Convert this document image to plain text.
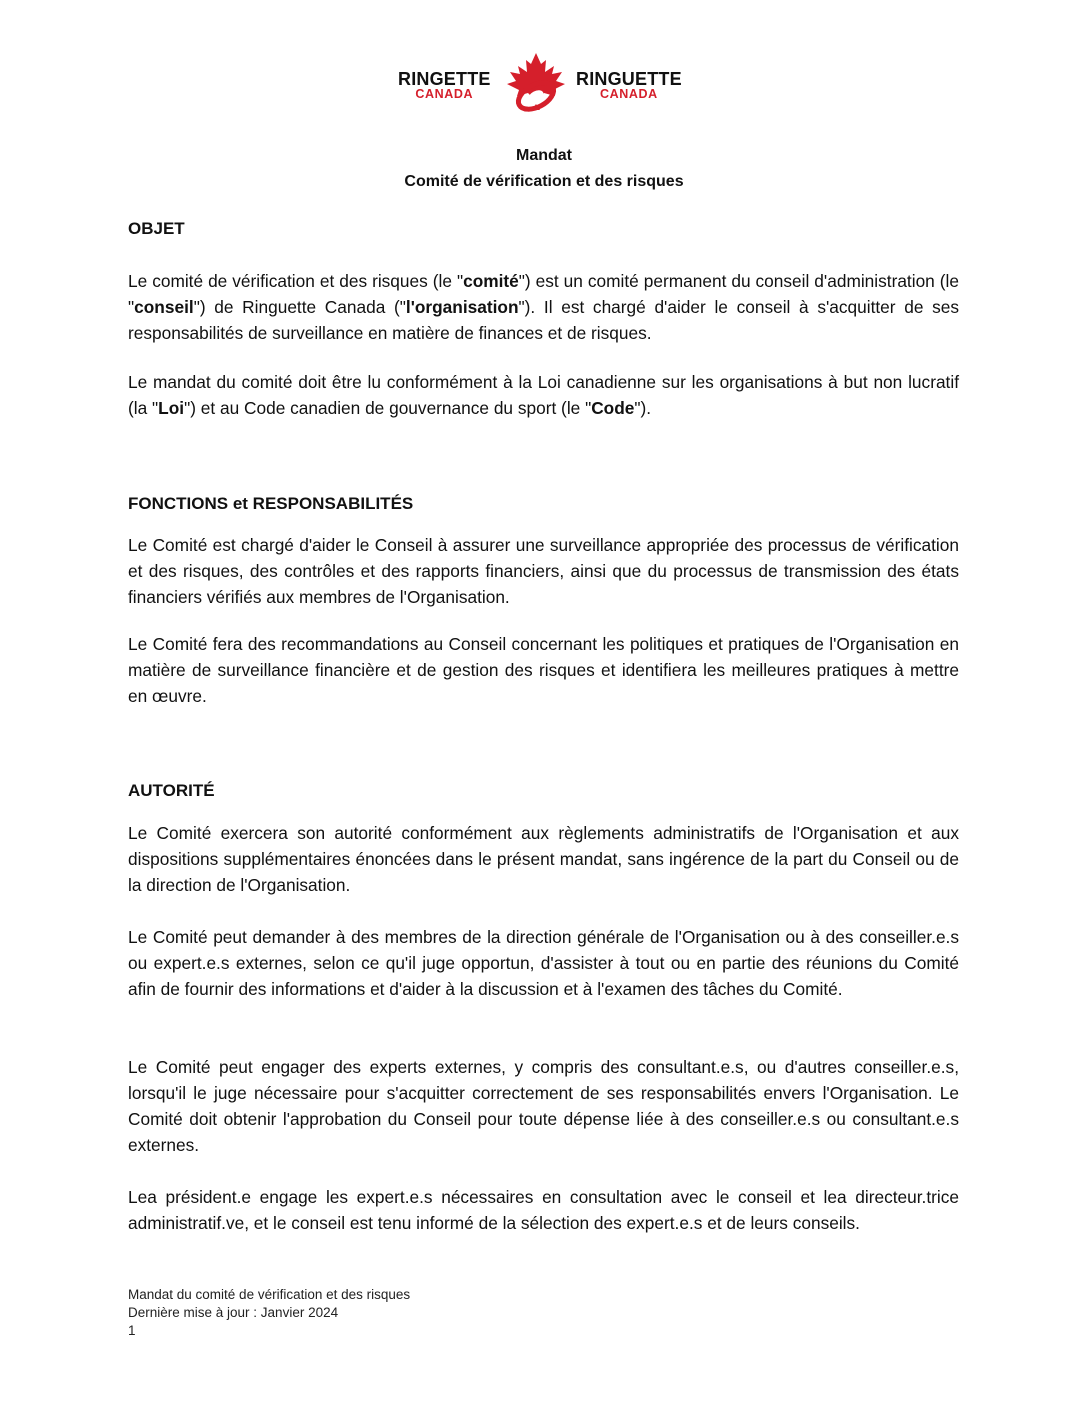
RINGETTE
CANADA
RINGUETTE
CANADA
Mandat
Comité de vérification et des risques
OBJET
Le comité de vérification et des risques (le "comité") est un comité permanent du conseil d'administration (le "conseil") de Ringuette Canada ("l'organisation"). Il est chargé d'aider le conseil à s'acquitter de ses responsabilités de surveillance en matière de finances et de risques.
Le mandat du comité doit être lu conformément à la Loi canadienne sur les organisations à but non lucratif (la "Loi") et au Code canadien de gouvernance du sport (le "Code").
FONCTIONS et RESPONSABILITÉS
Le Comité est chargé d'aider le Conseil à assurer une surveillance appropriée des processus de vérification et des risques, des contrôles et des rapports financiers, ainsi que du processus de transmission des états financiers vérifiés aux membres de l'Organisation.
Le Comité fera des recommandations au Conseil concernant les politiques et pratiques de l'Organisation en matière de surveillance financière et de gestion des risques et identifiera les meilleures pratiques à mettre en œuvre.
AUTORITÉ
Le Comité exercera son autorité conformément aux règlements administratifs de l'Organisation et aux dispositions supplémentaires énoncées dans le présent mandat, sans ingérence de la part du Conseil ou de la direction de l'Organisation.
Le Comité peut demander à des membres de la direction générale de l'Organisation ou à des conseiller.e.s ou expert.e.s externes, selon ce qu'il juge opportun, d'assister à tout ou en partie des réunions du Comité afin de fournir des informations et d'aider à la discussion et à l'examen des tâches du Comité.
Le Comité peut engager des experts externes, y compris des consultant.e.s, ou d'autres conseiller.e.s, lorsqu'il le juge nécessaire pour s'acquitter correctement de ses responsabilités envers l'Organisation. Le Comité doit obtenir l'approbation du Conseil pour toute dépense liée à des conseiller.e.s ou consultant.e.s externes.
Lea président.e engage les expert.e.s nécessaires en consultation avec le conseil et lea directeur.trice administratif.ve, et le conseil est tenu informé de la sélection des expert.e.s et de leurs conseils.
Mandat du comité de vérification et des risques
Dernière mise à jour : Janvier 2024
1
